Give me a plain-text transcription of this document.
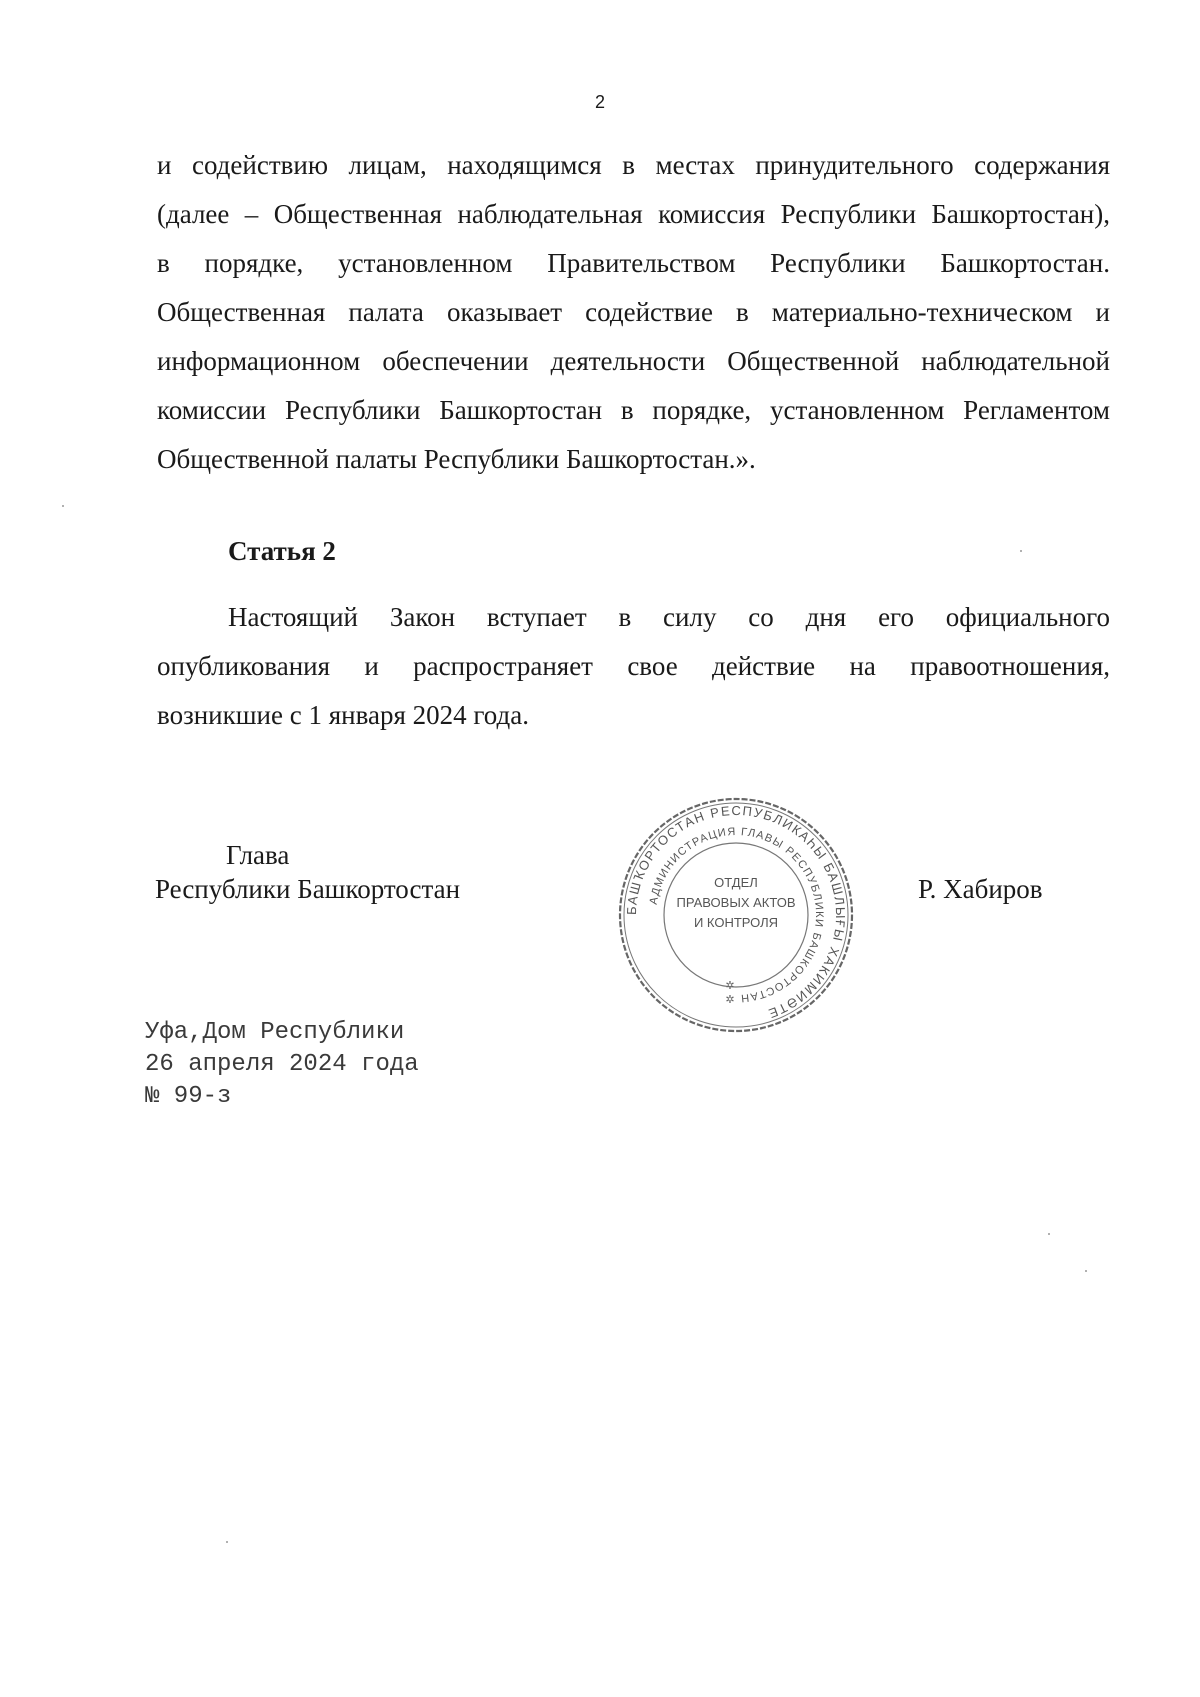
2
и содействию лицам, находящимся в местах принудительного содержания
(далее – Общественная наблюдательная комиссия Республики Башкортостан),
в порядке, установленном Правительством Республики Башкортостан.
Общественная палата оказывает содействие в материально-техническом и
информационном обеспечении деятельности Общественной наблюдательной
комиссии Республики Башкортостан в порядке, установленном Регламентом
Общественной палаты Республики Башкортостан.».
Статья 2
Настоящий Закон вступает в силу со дня его официального
опубликования и распространяет свое действие на правоотношения,
возникшие с 1 января 2024 года.
Глава
Республики Башкортостан
БАШҠОРТОСТАН РЕСПУБЛИКАҺЫ БАШЛЫҒЫ ХАКИМИӘТЕ
АДМИНИСТРАЦИЯ ГЛАВЫ РЕСПУБЛИКИ БАШКОРТОСТАН
ОТДЕЛ
ПРАВОВЫХ АКТОВ
И КОНТРОЛЯ
✲
✲
Р. Хабиров
Уфа,Дом Республики
26 апреля 2024 года
№ 99-з
